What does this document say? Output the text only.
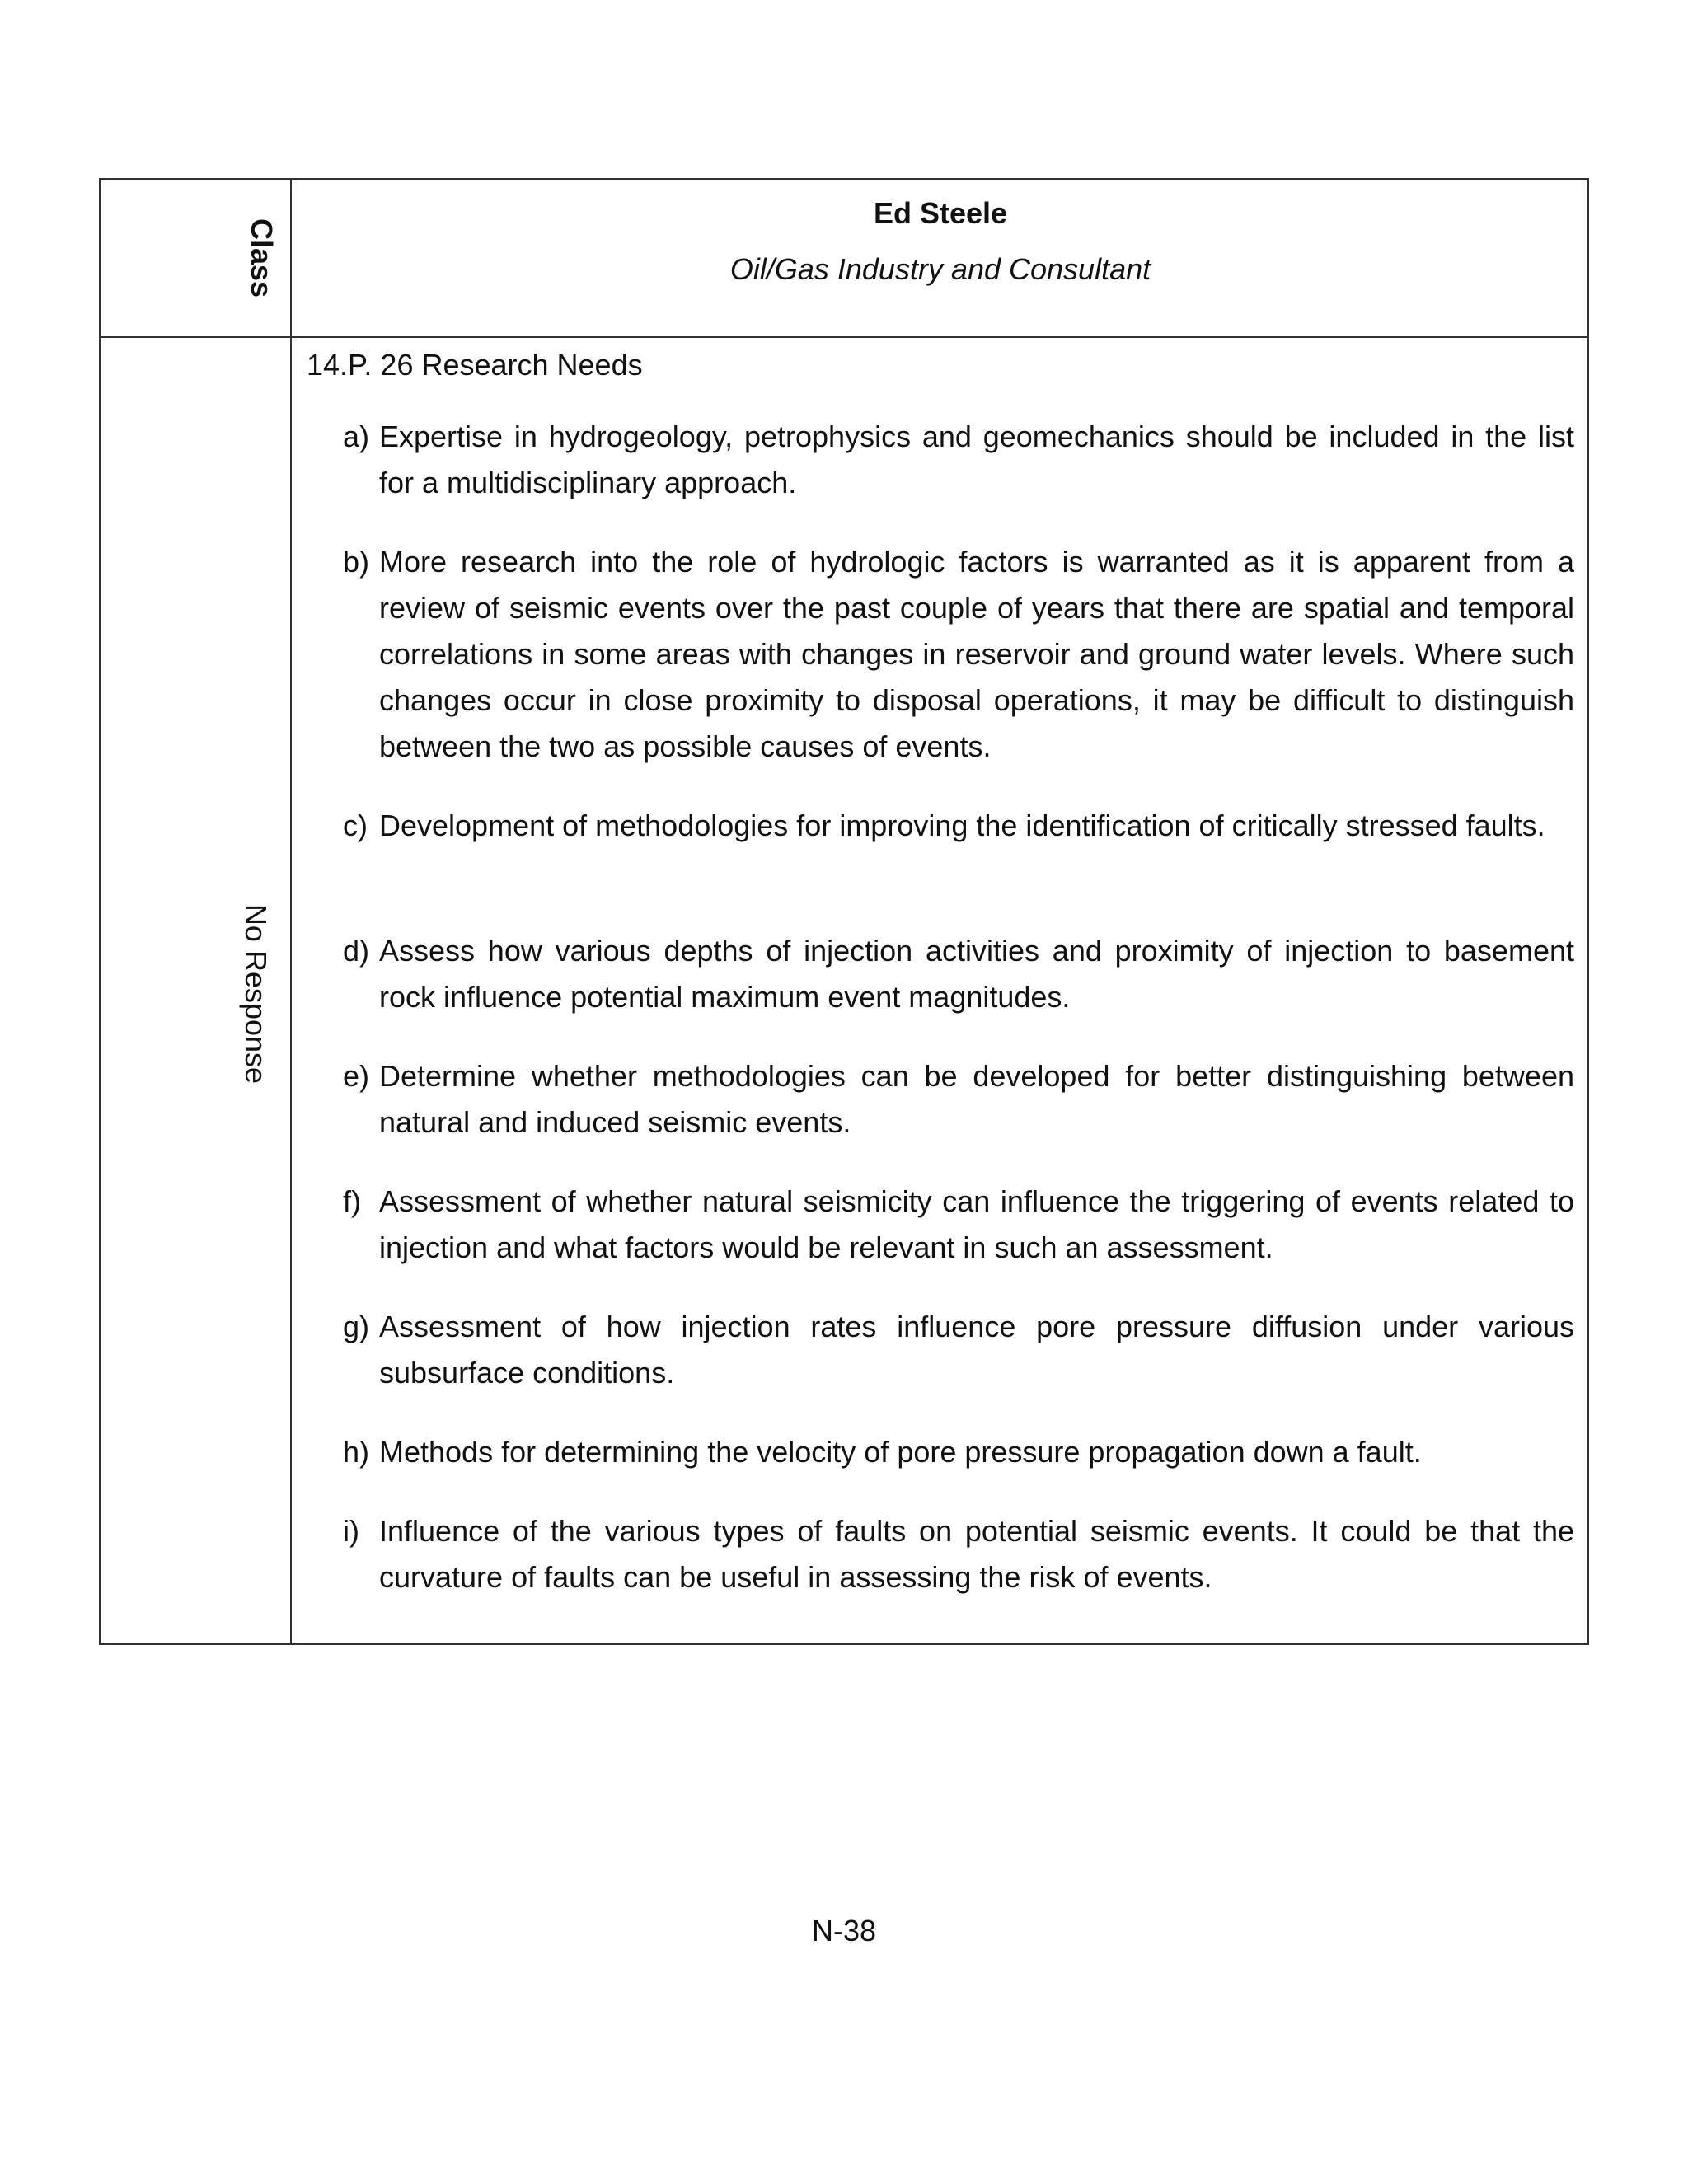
Class
No Response
Ed Steele
Oil/Gas Industry and Consultant
14.P. 26 Research Needs
a) Expertise in hydrogeology, petrophysics and geomechanics should be included in the list for a multidisciplinary approach.
b) More research into the role of hydrologic factors is warranted as it is apparent from a review of seismic events over the past couple of years that there are spatial and temporal correlations in some areas with changes in reservoir and ground water levels. Where such changes occur in close proximity to disposal operations, it may be difficult to distinguish between the two as possible causes of events.
c) Development of methodologies for improving the identification of critically stressed faults.
d) Assess how various depths of injection activities and proximity of injection to basement rock influence potential maximum event magnitudes.
e) Determine whether methodologies can be developed for better distinguishing between natural and induced seismic events.
f) Assessment of whether natural seismicity can influence the triggering of events related to injection and what factors would be relevant in such an assessment.
g) Assessment of how injection rates influence pore pressure diffusion under various subsurface conditions.
h) Methods for determining the velocity of pore pressure propagation down a fault.
i) Influence of the various types of faults on potential seismic events. It could be that the curvature of faults can be useful in assessing the risk of events.
N-38
